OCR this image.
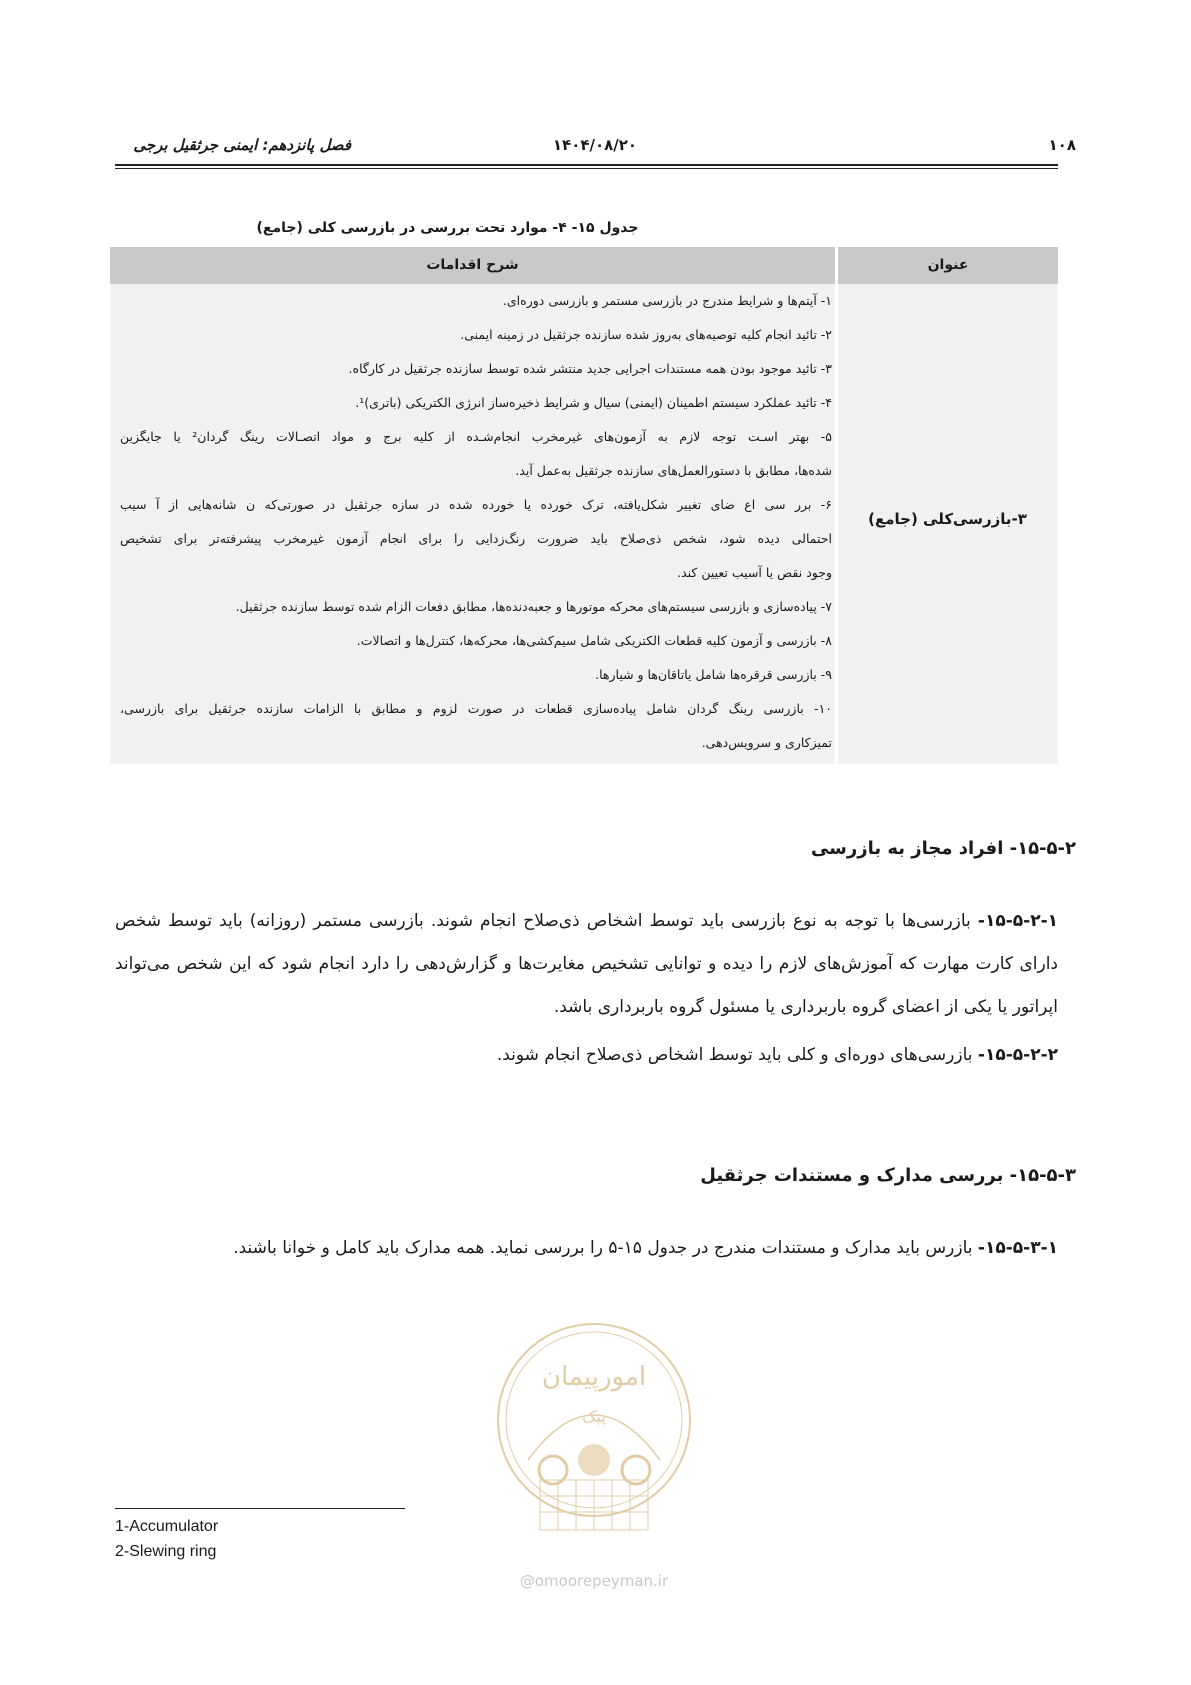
فصل پانزدهم: ایمنی جرثقیل برجی	۱۴۰۴/۰۸/۲۰	۱۰۸
جدول ۱۵- ۴- موارد تحت بررسی در بازرسی کلی (جامع)
شرح اقدامات	عنوان
۳-بازرسی‌کلی (جامع)
۱- آیتم‌ها و شرایط مندرج در بازرسی مستمر و بازرسی دوره‌ای.
۲- تائید انجام کلیه توصیه‌های به‌روز شده سازنده جرثقیل در زمینه ایمنی.
۳- تائید موجود بودن همه مستندات اجرایی جدید منتشر شده توسط سازنده جرثقیل در کارگاه.
۴- تائید عملکرد سیستم اطمینان (ایمنی) سیال و شرایط ذخیره‌ساز انرژی الکتریکی (باتری)¹.
۵- بهتر اسـت توجه لازم به آزمون‌های غیرمخرب انجام‌شـده از کلیه برج و مواد اتصـالات رینگ گردان² یا جایگزین
شده‌ها، مطابق با دستورالعمل‌های سازنده جرثقیل به‌عمل آید.
۶- برر سی اع ضای تغییر شکل‌یافته، ترک خورده یا خورده شده در سازه جرثقیل در صورتی‌که ن شانه‌هایی از آ سیب
احتمالی دیده شود، شخص ذی‌صلاح باید ضرورت رنگ‌زدایی را برای انجام آزمون غیرمخرب پیشرفته‌تر برای تشخیص
وجود نقص یا آسیب تعیین کند.
۷- پیاده‌سازی و بازرسی سیستم‌های محرکه موتورها و جعبه‌دنده‌ها، مطابق دفعات الزام شده توسط سازنده جرثقیل.
۸- بازرسی و آزمون کلیه قطعات الکتریکی شامل سیم‌کشی‌ها، محرکه‌ها، کنترل‌ها و اتصالات.
۹- بازرسی قرقره‌ها شامل یاتاقان‌ها و شیارها.
۱۰- بازرسی رینگ گردان شامل پیاده‌سازی قطعات در صورت لزوم و مطابق با الزامات سازنده جرثقیل برای بازرسی،
تمیزکاری و سرویس‌دهی.
۱۵-۵-۲- افراد مجاز به بازرسی
۱۵-۵-۲-۱- بازرسی‌ها با توجه به نوع بازرسی باید توسط اشخاص ذی‌صلاح انجام شوند. بازرسی مستمر (روزانه) باید توسط شخص دارای کارت مهارت که آموزش‌های لازم را دیده و توانایی تشخیص مغایرت‌ها و گزارش‌دهی را دارد انجام شود که این شخص می‌تواند اپراتور یا یکی از اعضای گروه باربرداری یا مسئول گروه باربرداری باشد.
۱۵-۵-۲-۲- بازرسی‌های دوره‌ای و کلی باید توسط اشخاص ذی‌صلاح انجام شوند.
۱۵-۵-۳- بررسی مدارک و مستندات جرثقیل
۱۵-۵-۳-۱- بازرس باید مدارک و مستندات مندرج در جدول ۱۵-۵ را بررسی نماید. همه مدارک باید کامل و خوانا باشند.
امورپیمان
پیک
@omoorepeyman.ir
1-Accumulator
2-Slewing ring
